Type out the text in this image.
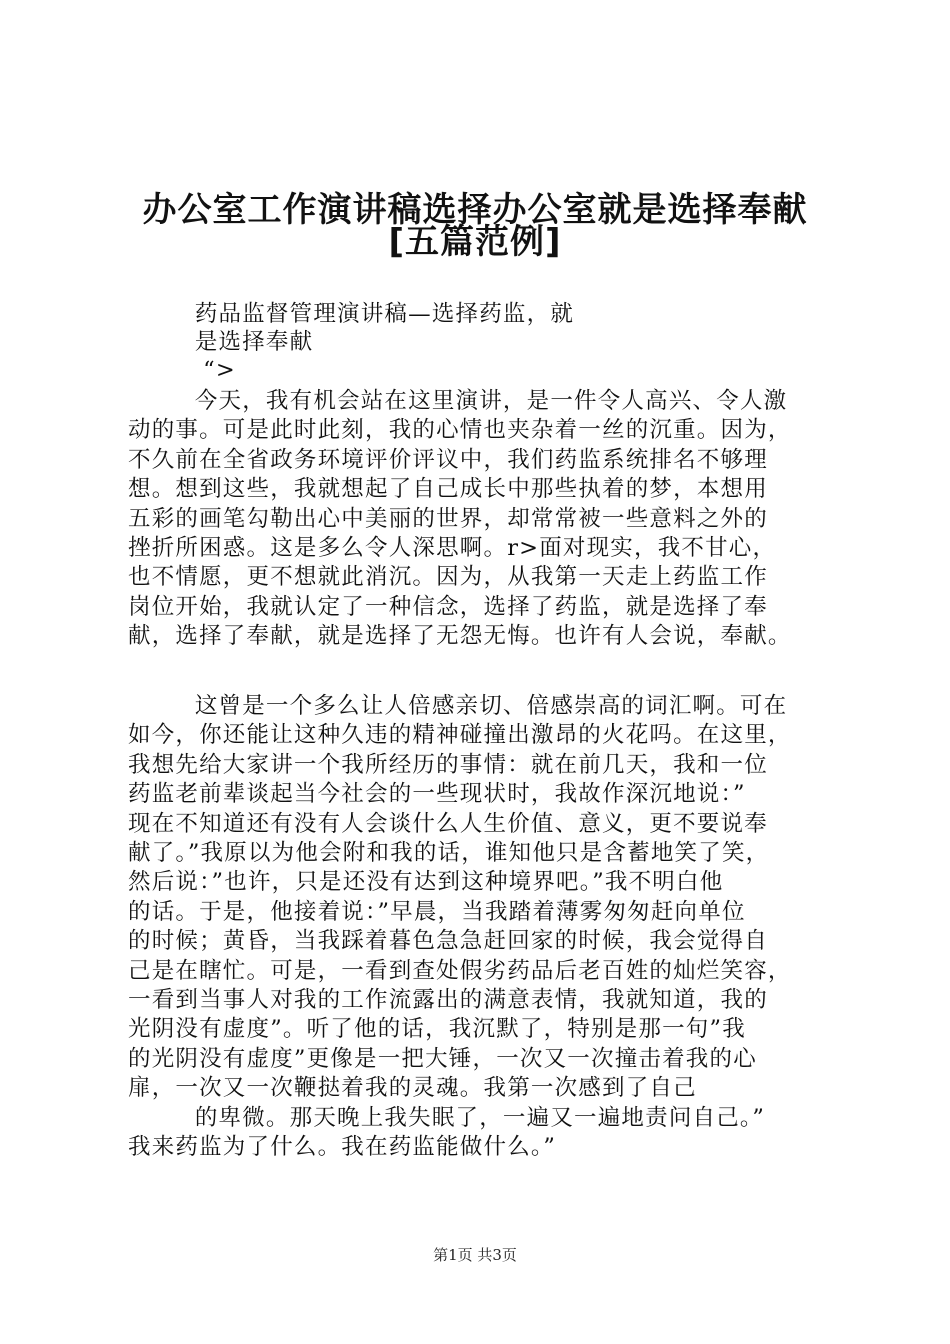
办公室工作演讲稿选择办公室就是选择奉献
[五篇范例]

药品监督管理演讲稿—选择药监，就
是选择奉献
“>

今天，我有机会站在这里演讲，是一件令人高兴、令人激
动的事。可是此时此刻，我的心情也夹杂着一丝的沉重。因为，
不久前在全省政务环境评价评议中，我们药监系统排名不够理
想。想到这些，我就想起了自己成长中那些执着的梦，本想用
五彩的画笔勾勒出心中美丽的世界，却常常被一些意料之外的
挫折所困惑。这是多么令人深思啊。r>面对现实，我不甘心，
也不情愿，更不想就此消沉。因为，从我第一天走上药监工作
岗位开始，我就认定了一种信念，选择了药监，就是选择了奉
献，选择了奉献，就是选择了无怨无悔。也许有人会说，奉献。

这曾是一个多么让人倍感亲切、倍感崇高的词汇啊。可在
如今，你还能让这种久违的精神碰撞出激昂的火花吗。在这里，
我想先给大家讲一个我所经历的事情：就在前几天，我和一位
药监老前辈谈起当今社会的一些现状时，我故作深沉地说：”
现在不知道还有没有人会谈什么人生价值、意义，更不要说奉
献了。”我原以为他会附和我的话，谁知他只是含蓄地笑了笑，
然后说：”也许，只是还没有达到这种境界吧。”我不明白他
的话。于是，他接着说：”早晨，当我踏着薄雾匆匆赶向单位
的时候；黄昏，当我踩着暮色急急赶回家的时候，我会觉得自
己是在瞎忙。可是，一看到查处假劣药品后老百姓的灿烂笑容，
一看到当事人对我的工作流露出的满意表情，我就知道，我的
光阴没有虚度”。听了他的话，我沉默了，特别是那一句”我
的光阴没有虚度”更像是一把大锤，一次又一次撞击着我的心
扉，一次又一次鞭挞着我的灵魂。我第一次感到了自己
的卑微。那天晚上我失眠了，一遍又一遍地责问自己。”
我来药监为了什么。我在药监能做什么。”

第1页 共3页
